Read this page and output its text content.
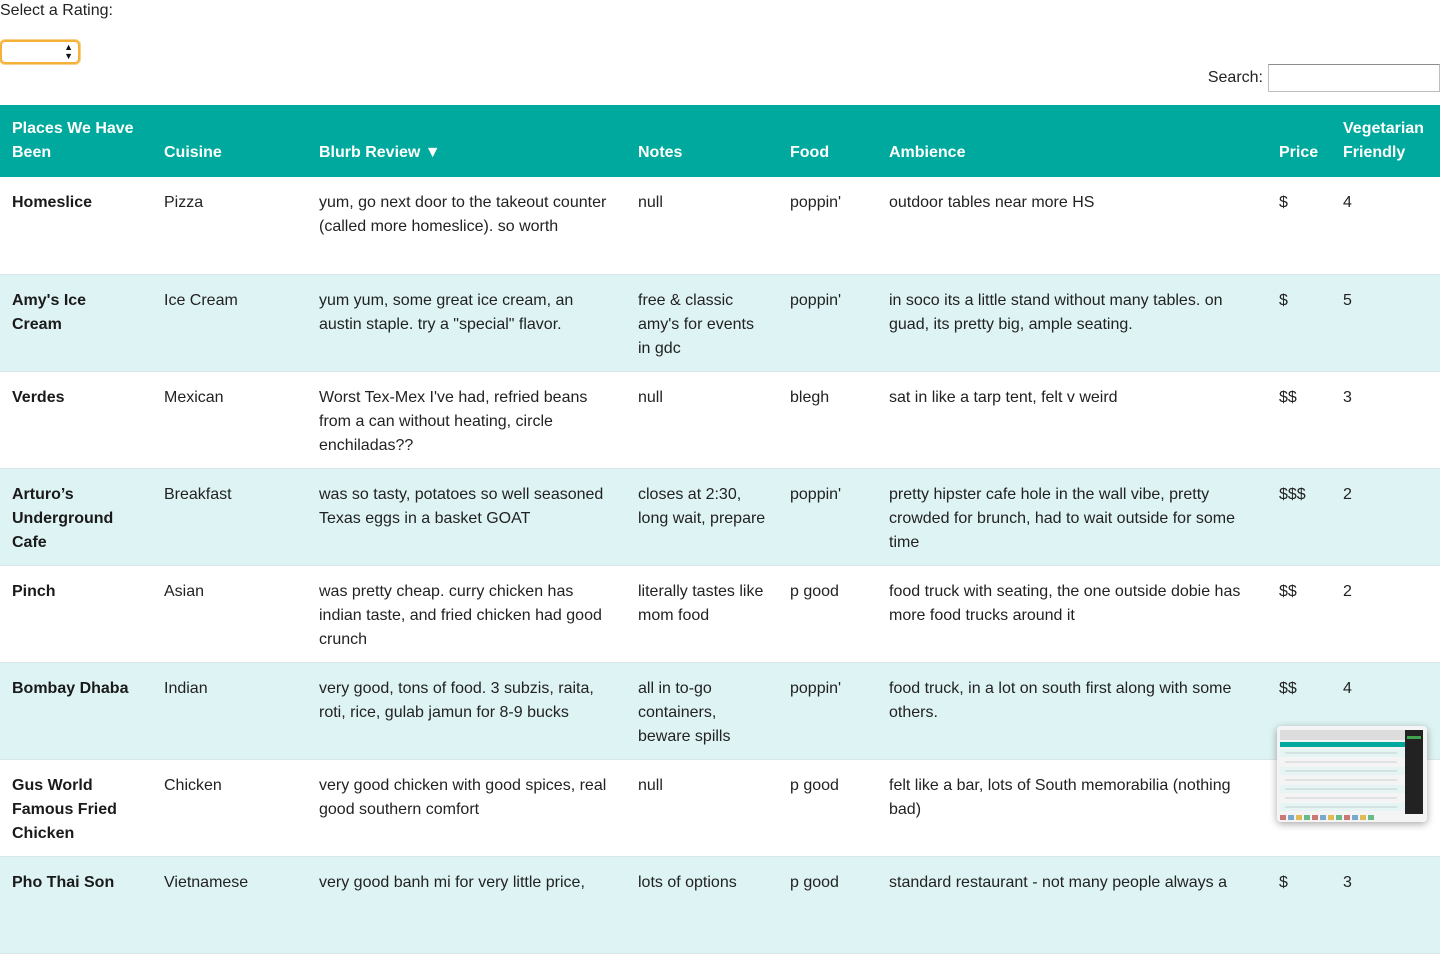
Select a Rating:
▲
▼
Search:
Places We Have Been	Cuisine	Blurb Review ▼	Notes	Food	Ambience	Price	Vegetarian Friendly
Homeslice	Pizza	yum, go next door to the takeout counter (called more homeslice). so worth	null	poppin'	outdoor tables near more HS	$	4
Amy's Ice Cream	Ice Cream	yum yum, some great ice cream, an austin staple. try a "special" flavor.	free & classic amy's for events in gdc	poppin'	in soco its a little stand without many tables. on guad, its pretty big, ample seating.	$	5
Verdes	Mexican	Worst Tex-Mex I've had, refried beans from a can without heating, circle enchiladas??	null	blegh	sat in like a tarp tent, felt v weird	$$	3
Arturo’s Underground Cafe	Breakfast	was so tasty, potatoes so well seasoned Texas eggs in a basket GOAT	closes at 2:30, long wait, prepare	poppin'	pretty hipster cafe hole in the wall vibe, pretty crowded for brunch, had to wait outside for some time	$$$	2
Pinch	Asian	was pretty cheap. curry chicken has indian taste, and fried chicken had good crunch	literally tastes like mom food	p good	food truck with seating, the one outside dobie has more food trucks around it	$$	2
Bombay Dhaba	Indian	very good, tons of food. 3 subzis, raita, roti, rice, gulab jamun for 8-9 bucks	all in to-go containers, beware spills	poppin'	food truck, in a lot on south first along with some others.	$$	4
Gus World Famous Fried Chicken	Chicken	very good chicken with good spices, real good southern comfort	null	p good	felt like a bar, lots of South memorabilia (nothing bad)		
Pho Thai Son	Vietnamese	very good banh mi for very little price,	lots of options	p good	standard restaurant - not many people always a	$	3
